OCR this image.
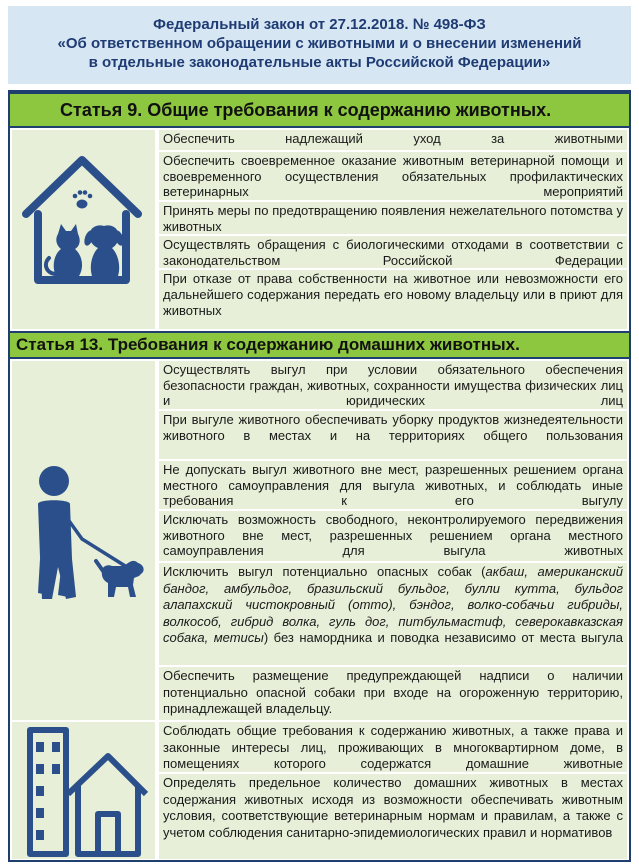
Федеральный закон от 27.12.2018. № 498-ФЗ
«Об ответственном обращении с животными и о внесении изменений
в отдельные законодательные акты Российской Федерации»
Статья 9. Общие требования к содержанию животных.
Обеспечить надлежащий уход за животными
Обеспечить своевременное оказание животным ветеринарной помощи и своевременного осуществления обязательных профилактических ветеринарных мероприятий
Принять меры по предотвращению появления нежелательного потомства у животных
Осуществлять обращения с биологическими отходами в соответствии с законодательством Российской Федерации
При отказе от права собственности на животное или невозможности его дальнейшего содержания передать его новому владельцу или в приют для животных
Статья 13. Требования к содержанию домашних животных.
Осуществлять выгул при условии обязательного обеспечения безопасности граждан, животных, сохранности имущества физических лиц и юридических лиц
При выгуле животного обеспечивать уборку продуктов жизнедеятельности животного в местах и на территориях общего пользования
Не допускать выгул животного вне мест, разрешенных решением органа местного самоуправления для выгула животных, и соблюдать иные требования к его выгулу
Исключать возможность свободного, неконтролируемого передвижения животного вне мест, разрешенных решением органа местного самоуправления для выгула животных
Исключить выгул потенциально опасных собак (акбаш, американский бандог, амбульдог, бразильский бульдог, булли кутта, бульдог алапахский чистокровный (отто), бэндог, волко-собачьи гибриды, волкособ, гибрид волка, гуль дог, питбульмастиф, северокавказская собака, метисы) без намордника и поводка независимо от места выгула
Обеспечить размещение предупреждающей надписи о наличии потенциально опасной собаки при входе на огороженную территорию, принадлежащей владельцу.
Соблюдать общие требования к содержанию животных, а также права и законные интересы лиц, проживающих в многоквартирном доме, в помещениях которого содержатся домашние животные
Определять предельное количество домашних животных в местах содержания животных исходя из возможности обеспечивать животным условия, соответствующие ветеринарным нормам и правилам, а также с учетом соблюдения санитарно-эпидемиологических правил и нормативов
